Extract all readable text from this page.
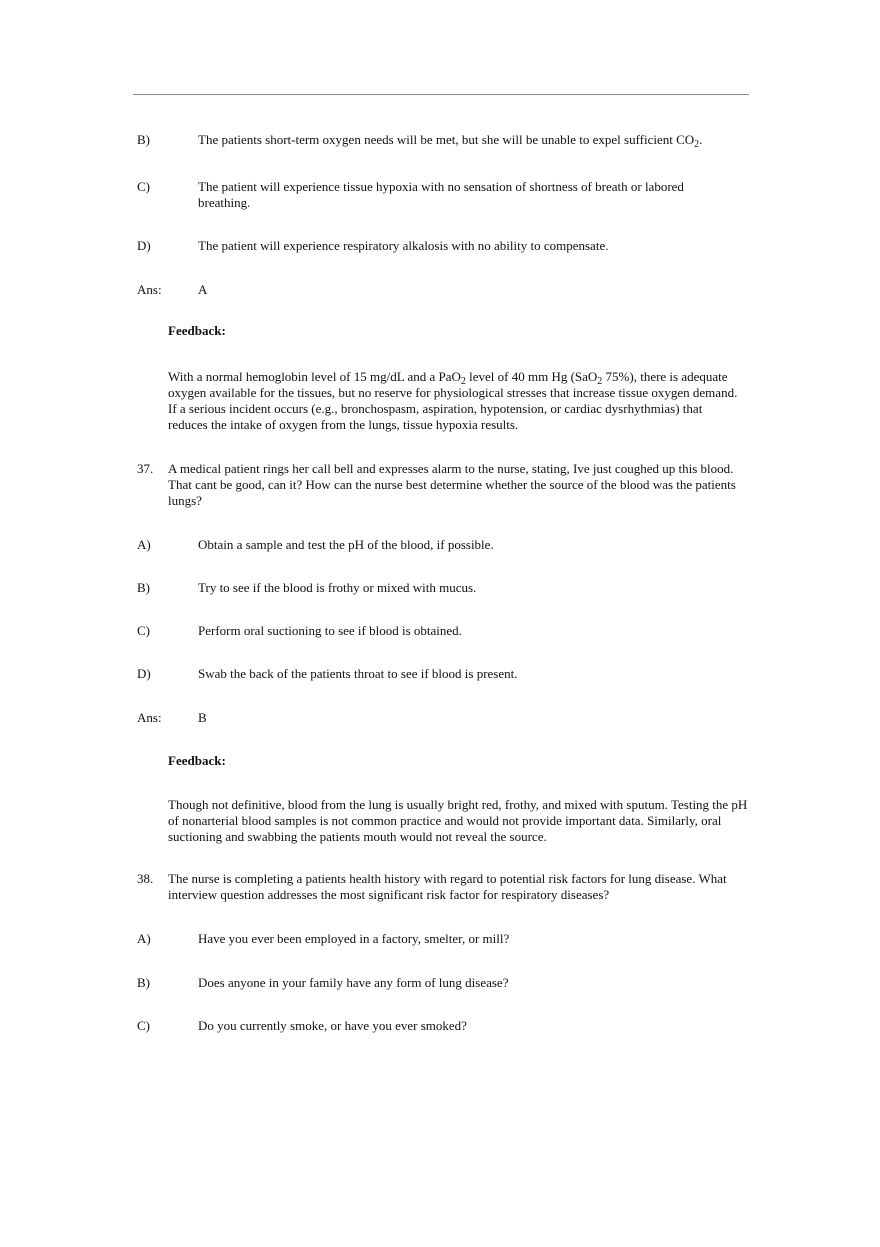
B)	The patients short-term oxygen needs will be met, but she will be unable to expel sufficient $CO_2$.
C)	The patient will experience tissue hypoxia with no sensation of shortness of breath or labored breathing.
D)	The patient will experience respiratory alkalosis with no ability to compensate.
Ans:	A
Feedback:
With a normal hemoglobin level of 15 mg/dL and a PaO$_2$ level of 40 mm Hg (SaO$_2$ 75%), there is adequate oxygen available for the tissues, but no reserve for physiological stresses that increase tissue oxygen demand. If a serious incident occurs (e.g., bronchospasm, aspiration, hypotension, or cardiac dysrhythmias) that reduces the intake of oxygen from the lungs, tissue hypoxia results.
37. A medical patient rings her call bell and expresses alarm to the nurse, stating, Ive just coughed up this blood. That cant be good, can it? How can the nurse best determine whether the source of the blood was the patients lungs?
A)	Obtain a sample and test the pH of the blood, if possible.
B)	Try to see if the blood is frothy or mixed with mucus.
C)	Perform oral suctioning to see if blood is obtained.
D)	Swab the back of the patients throat to see if blood is present.
Ans:	B
Feedback:
Though not definitive, blood from the lung is usually bright red, frothy, and mixed with sputum. Testing the pH of nonarterial blood samples is not common practice and would not provide important data. Similarly, oral suctioning and swabbing the patients mouth would not reveal the source.
38. The nurse is completing a patients health history with regard to potential risk factors for lung disease. What interview question addresses the most significant risk factor for respiratory diseases?
A)	Have you ever been employed in a factory, smelter, or mill?
B)	Does anyone in your family have any form of lung disease?
C)	Do you currently smoke, or have you ever smoked?
